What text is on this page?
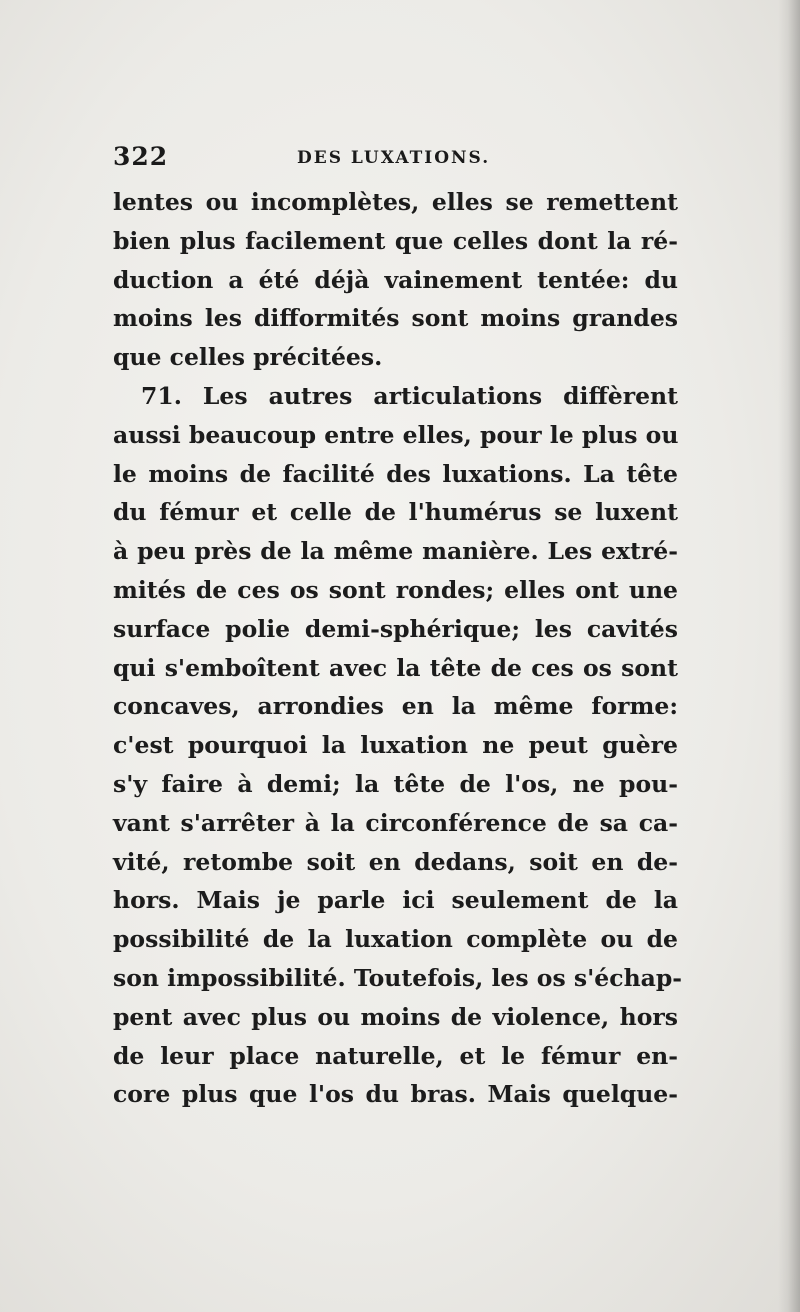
322	DES LUXATIONS.
lentes ou incomplètes, elles se remettent
bien plus facilement que celles dont la ré-
duction a été déjà vainement tentée: du
moins les difformités sont moins grandes
que celles précitées.
71. Les autres articulations diffèrent
aussi beaucoup entre elles, pour le plus ou
le moins de facilité des luxations. La tête
du fémur et celle de l'humérus se luxent
à peu près de la même manière. Les extré-
mités de ces os sont rondes; elles ont une
surface polie demi-sphérique; les cavités
qui s'emboîtent avec la tête de ces os sont
concaves, arrondies en la même forme:
c'est pourquoi la luxation ne peut guère
s'y faire à demi; la tête de l'os, ne pou-
vant s'arrêter à la circonférence de sa ca-
vité, retombe soit en dedans, soit en de-
hors. Mais je parle ici seulement de la
possibilité de la luxation complète ou de
son impossibilité. Toutefois, les os s'échap-
pent avec plus ou moins de violence, hors
de leur place naturelle, et le fémur en-
core plus que l'os du bras. Mais quelque-
